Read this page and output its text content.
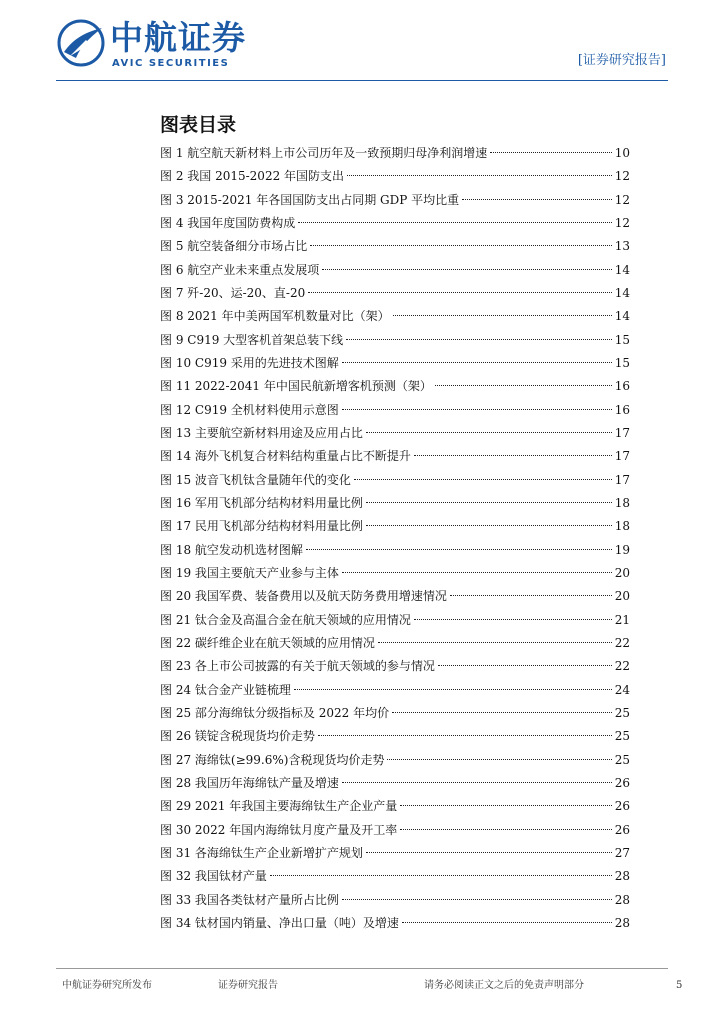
中航证券
AVIC SECURITIES	[证券研究报告]
图表目录
图 1 航空航天新材料上市公司历年及一致预期归母净利润增速	10
图 2 我国 2015-2022 年国防支出	12
图 3 2015-2021 年各国国防支出占同期 GDP 平均比重	12
图 4 我国年度国防费构成	12
图 5 航空装备细分市场占比	13
图 6 航空产业未来重点发展项	14
图 7 歼-20、运-20、直-20	14
图 8 2021 年中美两国军机数量对比（架）	14
图 9 C919 大型客机首架总装下线	15
图 10 C919 采用的先进技术图解	15
图 11 2022-2041 年中国民航新增客机预测（架）	16
图 12 C919 全机材料使用示意图	16
图 13 主要航空新材料用途及应用占比	17
图 14 海外飞机复合材料结构重量占比不断提升	17
图 15 波音飞机钛含量随年代的变化	17
图 16 军用飞机部分结构材料用量比例	18
图 17 民用飞机部分结构材料用量比例	18
图 18 航空发动机选材图解	19
图 19 我国主要航天产业参与主体	20
图 20 我国军费、装备费用以及航天防务费用增速情况	20
图 21 钛合金及高温合金在航天领域的应用情况	21
图 22 碳纤维企业在航天领域的应用情况	22
图 23 各上市公司披露的有关于航天领域的参与情况	22
图 24 钛合金产业链梳理	24
图 25 部分海绵钛分级指标及 2022 年均价	25
图 26 镁锭含税现货均价走势	25
图 27 海绵钛(≥99.6%)含税现货均价走势	25
图 28 我国历年海绵钛产量及增速	26
图 29 2021 年我国主要海绵钛生产企业产量	26
图 30 2022 年国内海绵钛月度产量及开工率	26
图 31 各海绵钛生产企业新增扩产规划	27
图 32 我国钛材产量	28
图 33 我国各类钛材产量所占比例	28
图 34 钛材国内销量、净出口量（吨）及增速	28
中航证券研究所发布	证券研究报告	请务必阅读正文之后的免责声明部分	5
